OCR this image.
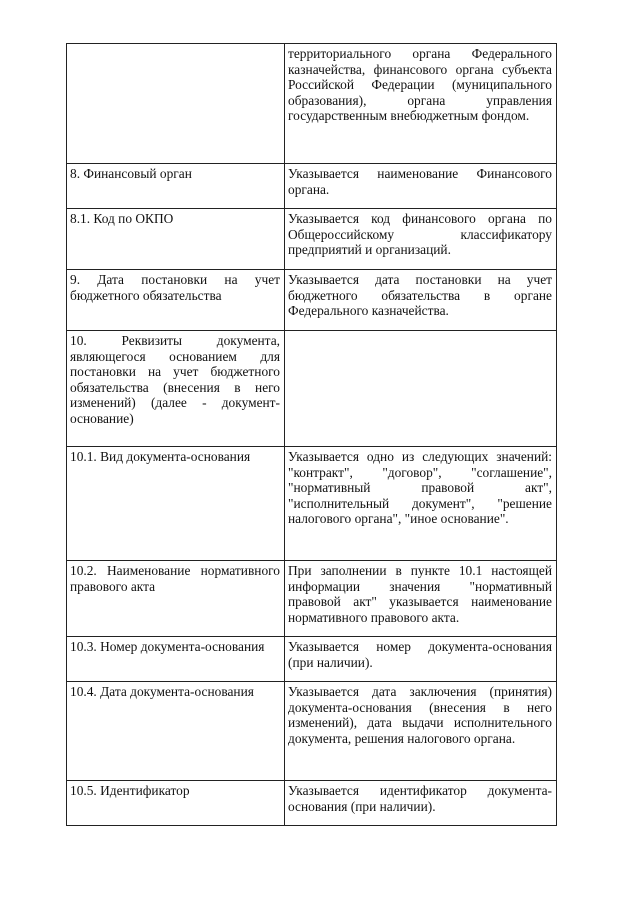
	территориального органа Федерального казначейства, финансового органа субъекта Российской Федерации (муниципального образования), органа управления государственным внебюджетным фондом.
8. Финансовый орган	Указывается наименование Финансового органа.
8.1. Код по ОКПО	Указывается код финансового органа по Общероссийскому классификатору предприятий и организаций.
9. Дата постановки на учет бюджетного обязательства	Указывается дата постановки на учет бюджетного обязательства в органе Федерального казначейства.
10. Реквизиты документа, являющегося основанием для постановки на учет бюджетного обязательства (внесения в него изменений) (далее - документ-основание)	
10.1. Вид документа-основания	Указывается одно из следующих значений: "контракт", "договор", "соглашение", "нормативный правовой акт", "исполнительный документ", "решение налогового органа", "иное основание".
10.2. Наименование нормативного правового акта	При заполнении в пункте 10.1 настоящей информации значения "нормативный правовой акт" указывается наименование нормативного правового акта.
10.3. Номер документа-основания	Указывается номер документа-основания (при наличии).
10.4. Дата документа-основания	Указывается дата заключения (принятия) документа-основания (внесения в него изменений), дата выдачи исполнительного документа, решения налогового органа.
10.5. Идентификатор	Указывается идентификатор документа-основания (при наличии).
